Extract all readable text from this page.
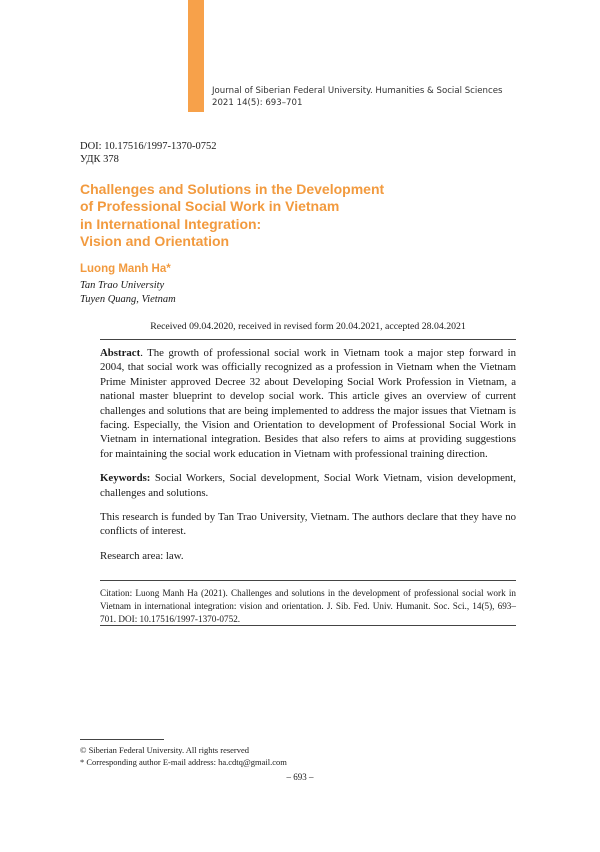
Journal of Siberian Federal University. Humanities & Social Sciences
2021 14(5): 693–701
DOI: 10.17516/1997-1370-0752
УДК 378
Challenges and Solutions in the Development
of Professional Social Work in Vietnam
in International Integration:
Vision and Orientation
Luong Manh Ha*
Tan Trao University
Tuyen Quang, Vietnam
Received 09.04.2020, received in revised form 20.04.2021, accepted 28.04.2021

Abstract. The growth of professional social work in Vietnam took a major step forward in 2004, that social work was officially recognized as a profession in Vietnam when the Vietnam Prime Minister approved Decree 32 about Developing Social Work Profession in Vietnam, a national master blueprint to develop social work. This article gives an overview of current challenges and solutions that are being implemented to address the major issues that Vietnam is facing. Especially, the Vision and Orientation to development of Professional Social Work in Vietnam in international integration. Besides that also refers to aims at providing suggestions for maintaining the social work education in Vietnam with professional training direction.

Keywords: Social Workers, Social development, Social Work Vietnam, vision development, challenges and solutions.

This research is funded by Tan Trao University, Vietnam. The authors declare that they have no conflicts of interest.

Research area: law.

Citation: Luong Manh Ha (2021). Challenges and solutions in the development of professional social work in Vietnam in international integration: vision and orientation. J. Sib. Fed. Univ. Humanit. Soc. Sci., 14(5), 693–701. DOI: 10.17516/1997-1370-0752.
© Siberian Federal University. All rights reserved
* Corresponding author E-mail address: ha.cdtq@gmail.com
– 693 –
